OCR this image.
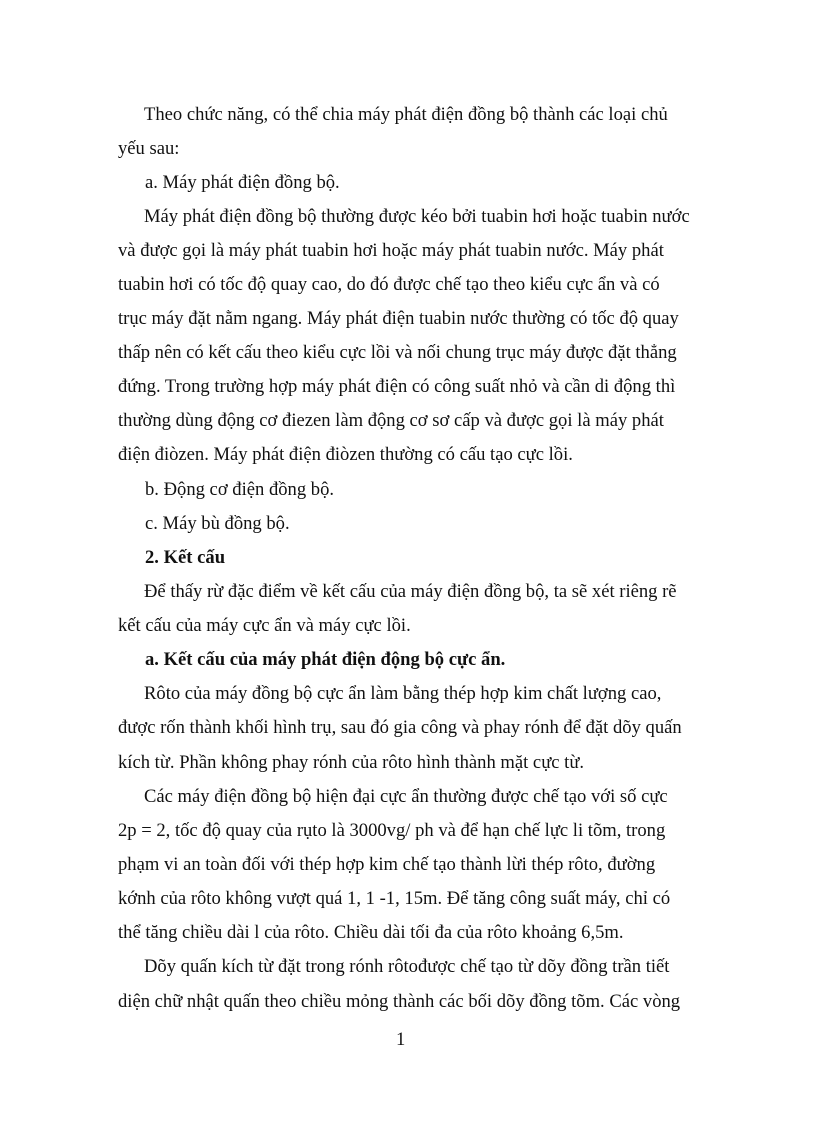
Theo chức năng, có thể chia máy phát điện đồng bộ thành các loại chủ

yếu sau:

a. Máy phát điện đồng bộ.

Máy phát điện đồng bộ thường được kéo bởi tuabin hơi hoặc tuabin nước

và được gọi là máy phát tuabin hơi hoặc máy phát tuabin nước. Máy phát

tuabin hơi có tốc độ quay cao, do đó được chế tạo theo kiểu cực ẩn và có

trục máy đặt nằm ngang. Máy phát điện tuabin nước thường có tốc độ quay

thấp nên có kết cấu theo kiểu cực lồi và nối chung trục máy được đặt thẳng

đứng. Trong trường hợp máy phát điện có công suất nhỏ và cần di động thì

thường dùng động cơ điezen làm động cơ sơ cấp và được gọi là máy phát

điện điòzen. Máy phát điện điòzen thường có cấu tạo cực lồi.

b. Động cơ điện đồng bộ.

c. Máy bù đồng bộ.

2. Kết cấu

Để thấy rừ đặc điểm về kết cấu của máy điện đồng bộ, ta sẽ xét riêng rẽ

kết cấu của máy cực ẩn và máy cực lồi.

a. Kết cấu của máy phát điện động bộ cực ẩn.

Rôto của máy đồng bộ cực ẩn làm bằng thép hợp kim chất lượng cao,

được rốn thành khối hình trụ, sau đó gia công và phay rónh để đặt dõy quấn

kích từ. Phần không phay rónh của rôto hình thành mặt cực từ.

Các máy điện đồng bộ hiện đại cực ẩn thường được chế tạo với số cực

2p = 2, tốc độ quay của rụto là 3000vg/ ph và để hạn chế lực li tõm, trong

phạm vi an toàn đối với thép hợp kim chế tạo thành lừi thép rôto, đường

kớnh của rôto không vượt quá 1, 1 -1, 15m. Để tăng công suất máy, chỉ có

thể tăng chiều dài l của rôto. Chiều dài tối đa của rôto khoảng 6,5m.

Dõy quấn kích từ đặt trong rónh rôtođược chế tạo từ dõy đồng trần tiết

diện chữ nhật quấn theo chiều mỏng thành các bối dõy đồng tõm. Các vòng

1
